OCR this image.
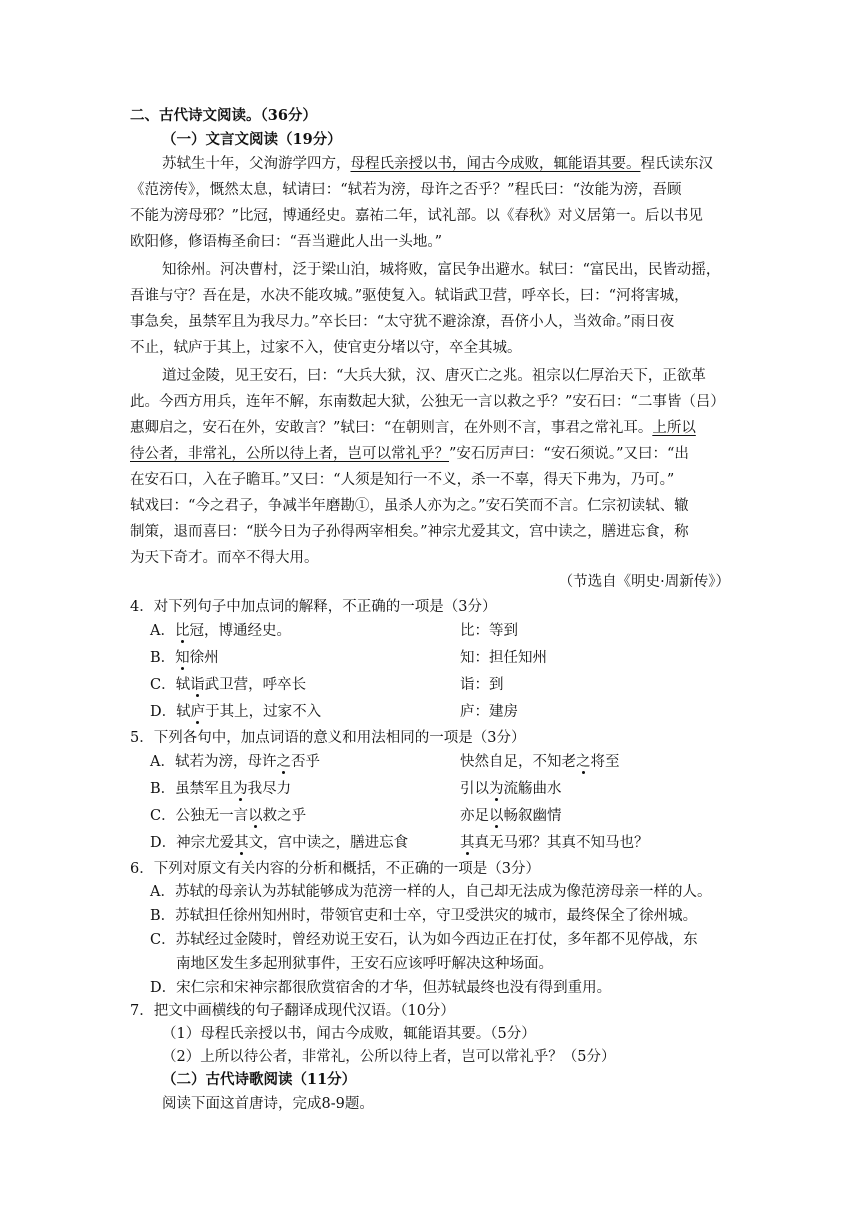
二、古代诗文阅读。（36分）
（一）文言文阅读（19分）
苏轼生十年，父洵游学四方，母程氏亲授以书，闻古今成败，辄能语其要。程氏读东汉
《范滂传》，慨然太息，轼请曰：“轼若为滂，母许之否乎？”程氏曰：“汝能为滂，吾顾
不能为滂母邪？”比冠，博通经史。嘉祐二年，试礼部。以《春秋》对义居第一。后以书见
欧阳修，修语梅圣俞曰：“吾当避此人出一头地。”
知徐州。河决曹村，泛于梁山泊，城将败，富民争出避水。轼曰：“富民出，民皆动摇，
吾谁与守？吾在是，水决不能攻城。”驱使复入。轼诣武卫营，呼卒长，曰：“河将害城，
事急矣，虽禁军且为我尽力。”卒长曰：“太守犹不避涂潦，吾侪小人，当效命。”雨日夜
不止，轼庐于其上，过家不入，使官吏分堵以守，卒全其城。
道过金陵，见王安石，曰：“大兵大狱，汉、唐灭亡之兆。祖宗以仁厚治天下，正欲革
此。今西方用兵，连年不解，东南数起大狱，公独无一言以救之乎？”安石曰：“二事皆（吕）
惠卿启之，安石在外，安敢言？”轼曰：“在朝则言，在外则不言，事君之常礼耳。上所以
待公者，非常礼，公所以待上者，岂可以常礼乎？”安石厉声曰：“安石须说。”又曰：“出
在安石口，入在子瞻耳。”又曰：“人须是知行一不义，杀一不辜，得天下弗为，乃可。”
轼戏曰：“今之君子，争减半年磨勘①，虽杀人亦为之。”安石笑而不言。仁宗初读轼、辙
制策，退而喜曰：“朕今日为子孙得两宰相矣。”神宗尤爱其文，宫中读之，膳进忘食，称
为天下奇才。而卒不得大用。
（节选自《明史·周新传》）
4．对下列句子中加点词的解释，不正确的一项是（3分）
A．比冠，博通经史。	比：等到
B．知徐州	知：担任知州
C．轼诣武卫营，呼卒长	诣：到
D．轼庐于其上，过家不入	庐：建房
5．下列各句中，加点词语的意义和用法相同的一项是（3分）
A．轼若为滂，母许之否乎	快然自足，不知老之将至
B．虽禁军且为我尽力	引以为流觞曲水
C．公独无一言以救之乎	亦足以畅叙幽情
D．神宗尤爱其文，宫中读之，膳进忘食	其真无马邪？其真不知马也？
6．下列对原文有关内容的分析和概括，不正确的一项是（3分）
A．苏轼的母亲认为苏轼能够成为范滂一样的人，自己却无法成为像范滂母亲一样的人。
B．苏轼担任徐州知州时，带领官吏和士卒，守卫受洪灾的城市，最终保全了徐州城。
C．苏轼经过金陵时，曾经劝说王安石，认为如今西边正在打仗，多年都不见停战，东
南地区发生多起刑狱事件，王安石应该呼吁解决这种场面。
D．宋仁宗和宋神宗都很欣赏宿舍的才华，但苏轼最终也没有得到重用。
7．把文中画横线的句子翻译成现代汉语。（10分）
（1）母程氏亲授以书，闻古今成败，辄能语其要。（5分）
（2）上所以待公者，非常礼，公所以待上者，岂可以常礼乎？（5分）
（二）古代诗歌阅读（11分）
阅读下面这首唐诗，完成8-9题。
